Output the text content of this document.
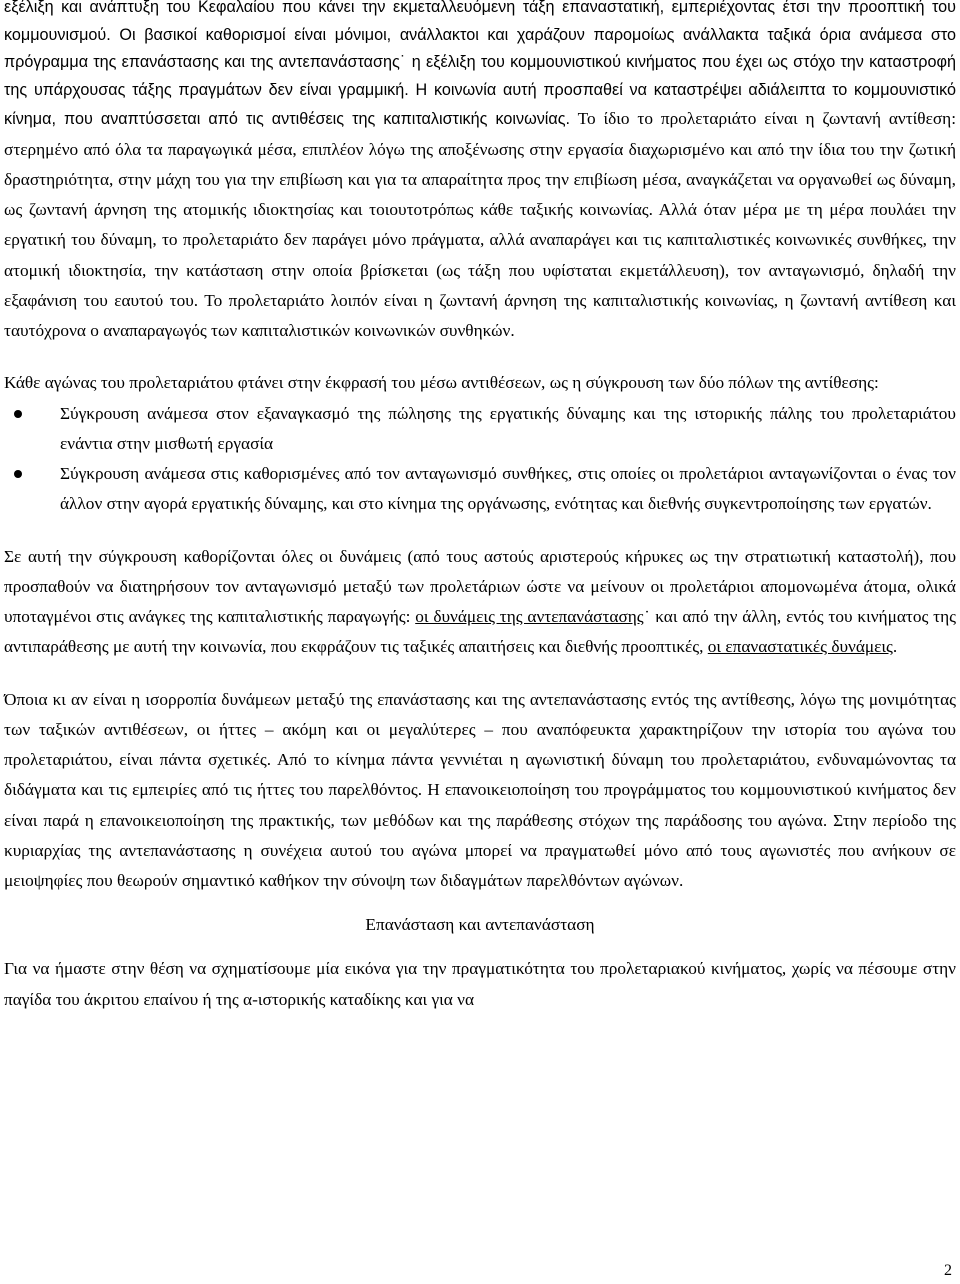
εξέλιξη και ανάπτυξη του Κεφαλαίου που κάνει την εκμεταλλευόμενη τάξη επαναστατική, εμπεριέχοντας έτσι την προοπτική του κομμουνισμού. Οι βασικοί καθορισμοί είναι μόνιμοι, ανάλλακτοι και χαράζουν παρομοίως ανάλλακτα ταξικά όρια ανάμεσα στο πρόγραμμα της επανάστασης και της αντεπανάστασης˙ η εξέλιξη του κομμουνιστικού κινήματος που έχει ως στόχο την καταστροφή της υπάρχουσας τάξης πραγμάτων δεν είναι γραμμική. Η κοινωνία αυτή προσπαθεί να καταστρέψει αδιάλειπτα το κομμουνιστικό κίνημα, που αναπτύσσεται από τις αντιθέσεις της καπιταλιστικής κοινωνίας. Το ίδιο το προλεταριάτο είναι η ζωντανή αντίθεση: στερημένο από όλα τα παραγωγικά μέσα, επιπλέον λόγω της αποξένωσης στην εργασία διαχωρισμένο και από την ίδια του την ζωτική δραστηριότητα, στην μάχη του για την επιβίωση και για τα απαραίτητα προς την επιβίωση μέσα, αναγκάζεται να οργανωθεί ως δύναμη, ως ζωντανή άρνηση της ατομικής ιδιοκτησίας και τοιουτοτρόπως κάθε ταξικής κοινωνίας. Αλλά όταν μέρα με τη μέρα πουλάει την εργατική του δύναμη, το προλεταριάτο δεν παράγει μόνο πράγματα, αλλά αναπαράγει και τις καπιταλιστικές κοινωνικές συνθήκες, την ατομική ιδιοκτησία, την κατάσταση στην οποία βρίσκεται (ως τάξη που υφίσταται εκμετάλλευση), τον ανταγωνισμό, δηλαδή την εξαφάνιση του εαυτού του. Το προλεταριάτο λοιπόν είναι η ζωντανή άρνηση της καπιταλιστικής κοινωνίας, η ζωντανή αντίθεση και ταυτόχρονα ο αναπαραγωγός των καπιταλιστικών κοινωνικών συνθηκών.

Κάθε αγώνας του προλεταριάτου φτάνει στην έκφρασή του μέσω αντιθέσεων, ως η σύγκρουση των δύο πόλων της αντίθεσης:

Σύγκρουση ανάμεσα στον εξαναγκασμό της πώλησης της εργατικής δύναμης και της ιστορικής πάλης του προλεταριάτου ενάντια στην μισθωτή εργασία
Σύγκρουση ανάμεσα στις καθορισμένες από τον ανταγωνισμό συνθήκες, στις οποίες οι προλετάριοι ανταγωνίζονται ο ένας τον άλλον στην αγορά εργατικής δύναμης, και στο κίνημα της οργάνωσης, ενότητας και διεθνής συγκεντροποίησης των εργατών.

Σε αυτή την σύγκρουση καθορίζονται όλες οι δυνάμεις (από τους αστούς αριστερούς κήρυκες ως την στρατιωτική καταστολή), που προσπαθούν να διατηρήσουν τον ανταγωνισμό μεταξύ των προλετάριων ώστε να μείνουν οι προλετάριοι απομονωμένα άτομα, ολικά υποταγμένοι στις ανάγκες της καπιταλιστικής παραγωγής: οι δυνάμεις της αντεπανάστασης˙ και από την άλλη, εντός του κινήματος της αντιπαράθεσης με αυτή την κοινωνία, που εκφράζουν τις ταξικές απαιτήσεις και διεθνής προοπτικές, οι επαναστατικές δυνάμεις.

Όποια κι αν είναι η ισορροπία δυνάμεων μεταξύ της επανάστασης και της αντεπανάστασης εντός της αντίθεσης, λόγω της μονιμότητας των ταξικών αντιθέσεων, οι ήττες – ακόμη και οι μεγαλύτερες – που αναπόφευκτα χαρακτηρίζουν την ιστορία του αγώνα του προλεταριάτου, είναι πάντα σχετικές. Από το κίνημα πάντα γεννιέται η αγωνιστική δύναμη του προλεταριάτου, ενδυναμώνοντας τα διδάγματα και τις εμπειρίες από τις ήττες του παρελθόντος. Η επανοικειοποίηση του προγράμματος του κομμουνιστικού κινήματος δεν είναι παρά η επανοικειοποίηση της πρακτικής, των μεθόδων και της παράθεσης στόχων της παράδοσης του αγώνα. Στην περίοδο της κυριαρχίας της αντεπανάστασης η συνέχεια αυτού του αγώνα μπορεί να πραγματωθεί μόνο από τους αγωνιστές που ανήκουν σε μειοψηφίες που θεωρούν σημαντικό καθήκον την σύνοψη των διδαγμάτων παρελθόντων αγώνων.

Επανάσταση και αντεπανάσταση

Για να ήμαστε στην θέση να σχηματίσουμε μία εικόνα για την πραγματικότητα του προλεταριακού κινήματος, χωρίς να πέσουμε στην παγίδα του άκριτου επαίνου ή της α-ιστορικής καταδίκης και για να

2
